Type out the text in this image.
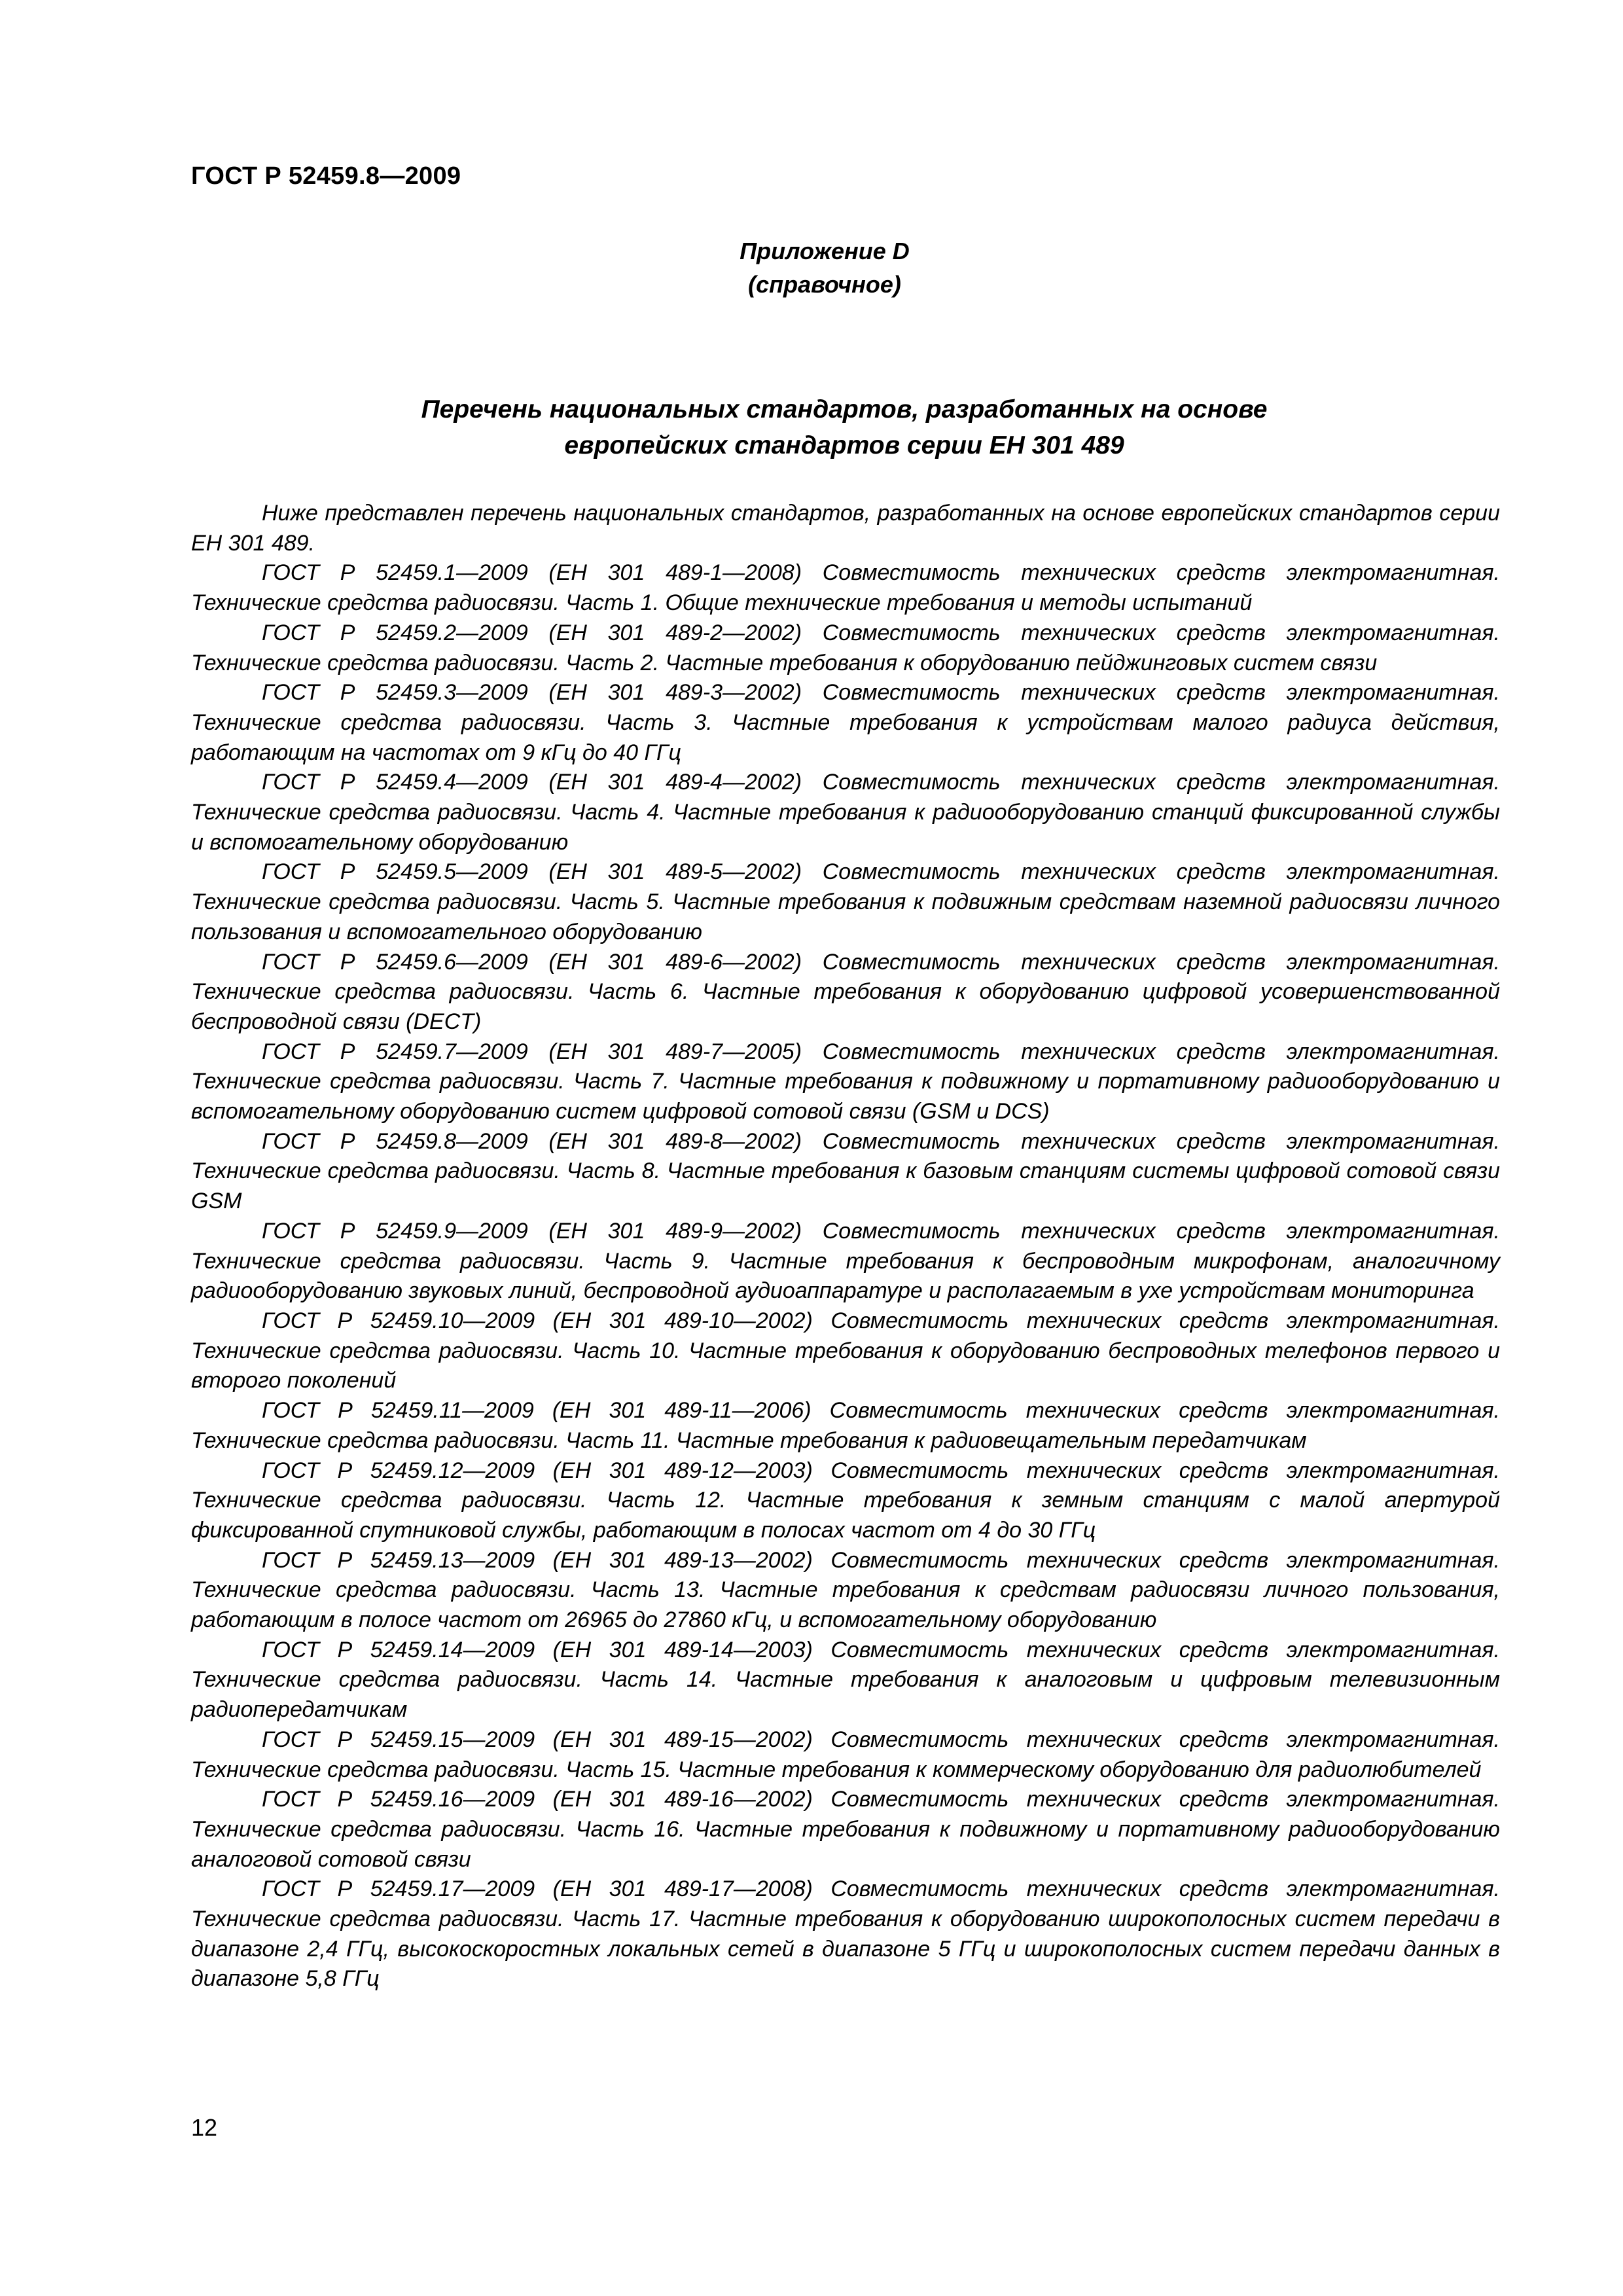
ГОСТ Р 52459.8—2009
Приложение D
(справочное)
Перечень национальных стандартов, разработанных на основе
европейских стандартов серии ЕН 301 489

Ниже представлен перечень национальных стандартов, разработанных на основе европейских стандартов серии ЕН 301 489.

ГОСТ Р 52459.1—2009 (ЕН 301 489-1—2008) Совместимость технических средств электромагнитная. Технические средства радиосвязи. Часть 1. Общие технические требования и методы испытаний

ГОСТ Р 52459.2—2009 (ЕН 301 489-2—2002) Совместимость технических средств электромагнитная. Технические средства радиосвязи. Часть 2. Частные требования к оборудованию пейджинговых систем связи

ГОСТ Р 52459.3—2009 (ЕН 301 489-3—2002) Совместимость технических средств электромагнитная. Технические средства радиосвязи. Часть 3. Частные требования к устройствам малого радиуса действия, работающим на частотах от 9 кГц до 40 ГГц

ГОСТ Р 52459.4—2009 (ЕН 301 489-4—2002) Совместимость технических средств электромагнитная. Технические средства радиосвязи. Часть 4. Частные требования к радиооборудованию станций фиксированной службы и вспомогательному оборудованию

ГОСТ Р 52459.5—2009 (ЕН 301 489-5—2002) Совместимость технических средств электромагнитная. Технические средства радиосвязи. Часть 5. Частные требования к подвижным средствам наземной радиосвязи личного пользования и вспомогательного оборудованию

ГОСТ Р 52459.6—2009 (ЕН 301 489-6—2002) Совместимость технических средств электромагнитная. Технические средства радиосвязи. Часть 6. Частные требования к оборудованию цифровой усовершенствованной беспроводной связи (DECT)

ГОСТ Р 52459.7—2009 (ЕН 301 489-7—2005) Совместимость технических средств электромагнитная. Технические средства радиосвязи. Часть 7. Частные требования к подвижному и портативному радиооборудованию и вспомогательному оборудованию систем цифровой сотовой связи (GSM и DCS)

ГОСТ Р 52459.8—2009 (ЕН 301 489-8—2002) Совместимость технических средств электромагнитная. Технические средства радиосвязи. Часть 8. Частные требования к базовым станциям системы цифровой сотовой связи GSM

ГОСТ Р 52459.9—2009 (ЕН 301 489-9—2002) Совместимость технических средств электромагнитная. Технические средства радиосвязи. Часть 9. Частные требования к беспроводным микрофонам, аналогичному радиооборудованию звуковых линий, беспроводной аудиоаппаратуре и располагаемым в ухе устройствам мониторинга

ГОСТ Р 52459.10—2009 (ЕН 301 489-10—2002) Совместимость технических средств электромагнитная. Технические средства радиосвязи. Часть 10. Частные требования к оборудованию беспроводных телефонов первого и второго поколений

ГОСТ Р 52459.11—2009 (ЕН 301 489-11—2006) Совместимость технических средств электромагнитная. Технические средства радиосвязи. Часть 11. Частные требования к радиовещательным передатчикам

ГОСТ Р 52459.12—2009 (ЕН 301 489-12—2003) Совместимость технических средств электромагнитная. Технические средства радиосвязи. Часть 12. Частные требования к земным станциям с малой апертурой фиксированной спутниковой службы, работающим в полосах частот от 4 до 30 ГГц

ГОСТ Р 52459.13—2009 (ЕН 301 489-13—2002) Совместимость технических средств электромагнитная. Технические средства радиосвязи. Часть 13. Частные требования к средствам радиосвязи личного пользования, работающим в полосе частот от 26965 до 27860 кГц, и вспомогательному оборудованию

ГОСТ Р 52459.14—2009 (ЕН 301 489-14—2003) Совместимость технических средств электромагнитная. Технические средства радиосвязи. Часть 14. Частные требования к аналоговым и цифровым телевизионным радиопередатчикам

ГОСТ Р 52459.15—2009 (ЕН 301 489-15—2002) Совместимость технических средств электромагнитная. Технические средства радиосвязи. Часть 15. Частные требования к коммерческому оборудованию для радиолюбителей

ГОСТ Р 52459.16—2009 (ЕН 301 489-16—2002) Совместимость технических средств электромагнитная. Технические средства радиосвязи. Часть 16. Частные требования к подвижному и портативному радиооборудованию аналоговой сотовой связи

ГОСТ Р 52459.17—2009 (ЕН 301 489-17—2008) Совместимость технических средств электромагнитная. Технические средства радиосвязи. Часть 17. Частные требования к оборудованию широкополосных систем передачи в диапазоне 2,4 ГГц, высокоскоростных локальных сетей в диапазоне 5 ГГц и широкополосных систем передачи данных в диапазоне 5,8 ГГц

12
